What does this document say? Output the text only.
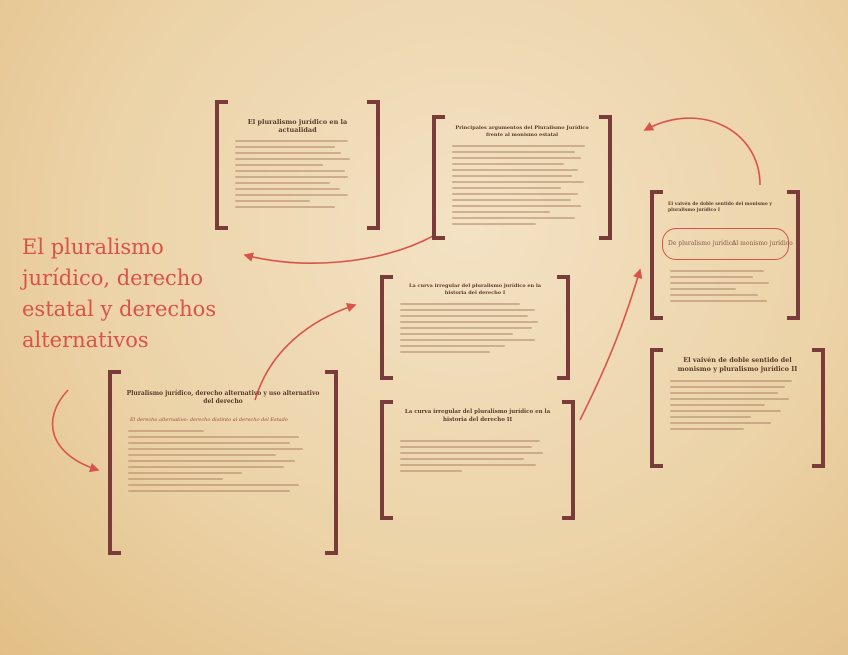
El pluralismo jurídico, derecho estatal y derechos alternativos
El pluralismo jurídico en la actualidad	Principales argumentos del Pluralismo Jurídico frente al monismo estatal
El vaivén de doble sentido del monismo y pluralismo jurídico I
De pluralismo jurídico
Al monismo jurídico
La curva irregular del pluralismo jurídico en la historia del derecho I
Pluralismo jurídico, derecho alternativo y uso alternativo del derecho
El derecho alternativo: derecho distinto al derecho del Estado
La curva irregular del pluralismo jurídico en la historia del derecho II
El vaivén de doble sentido del monismo y pluralismo jurídico II
